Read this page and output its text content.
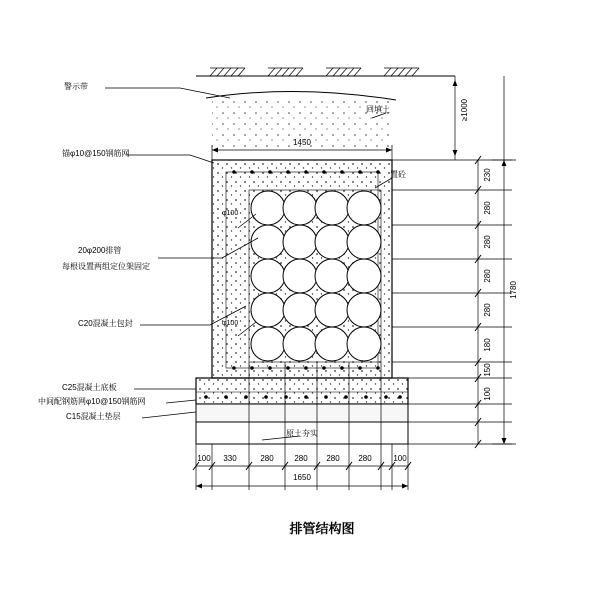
警示带
回填土
1450
锚φ10@150钢筋网
置砼
φ100
φ100
20φ200排管
每根设置两组定位架固定
C20混凝土包封
C25混凝土底板
中间配钢筋网φ10@150钢筋网
C15混凝土垫层
原土夯实
100 330	280	280 280 280	100
1650
230
280
280
280
280
180
150
100
1780
≥1000
排管结构图
